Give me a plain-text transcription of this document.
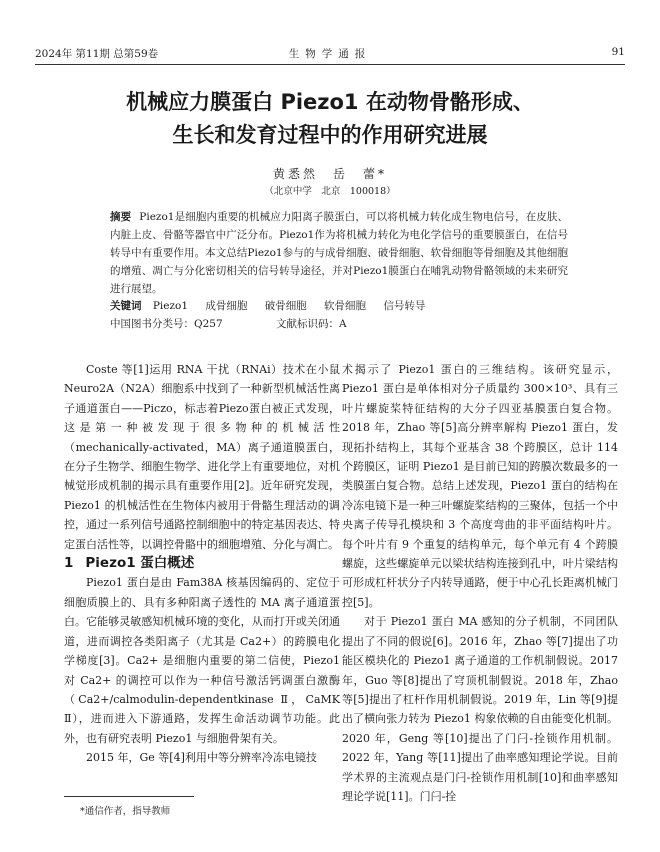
2024年 第11期 总第59卷	生物学通报	91
机械应力膜蛋白 Piezo1 在动物骨骼形成、
生长和发育过程中的作用研究进展
黄悉然　岳　蕾*
（北京中学　北京　100018）
摘要 Piezo1是细胞内重要的机械应力阳离子膜蛋白，可以将机械力转化成生物电信号，在皮肤、内脏上皮、骨骼等器官中广泛分布。Piezo1作为将机械力转化为电化学信号的重要膜蛋白，在信号转导中有重要作用。本文总结Piezo1参与的与成骨细胞、破骨细胞、软骨细胞等骨细胞及其他细胞的增殖、凋亡与分化密切相关的信号转导途径，并对Piezo1膜蛋白在哺乳动物骨骼领域的未来研究进行展望。
关键词 Piezo1 成骨细胞 破骨细胞 软骨细胞 信号转导
中国图书分类号：Q257	文献标识码：A

Coste 等[1]运用 RNA 干扰（RNAi）技术在小鼠 Neuro2A（N2A）细胞系中找到了一种新型机械活性离子通道蛋白——Piczo，标志着Piezo蛋白被正式发现，这是第一种被发现于很多物种的机械活性（mechanically-activated，MA）离子通道膜蛋白，在分子生物学、细胞生物学、进化学上有重要地位，对机械觉形成机制的揭示具有重要作用[2]。近年研究发现，Piezo1 的机械活性在生物体内被用于骨骼生理活动的调控，通过一系列信号通路控制细胞中的特定基因表达、特定蛋白活性等，以调控骨骼中的细胞增殖、分化与凋亡。

1 Piezo1 蛋白概述

Piezo1 蛋白是由 Fam38A 核基因编码的、定位于细胞质膜上的、具有多种阳离子透性的 MA 离子通道蛋白。它能够灵敏感知机械环境的变化，从而打开或关闭通道，进而调控各类阳离子（尤其是 Ca2+）的跨膜电化学梯度[3]。Ca2+ 是细胞内重要的第二信使，Piezo1 对 Ca2+ 的调控可以作为一种信号激活钙调蛋白激酶（Ca2+/calmodulin-dependentkinase Ⅱ，CaMK Ⅱ），进而进入下游通路，发挥生命活动调节功能。此外，也有研究表明 Piezo1 与细胞骨架有关。

2015 年，Ge 等[4]利用中等分辨率冷冻电镜技

术揭示了 Piezo1 蛋白的三维结构。该研究显示，Piezo1 蛋白是单体相对分子质量约 300×10³、具有三叶片螺旋桨特征结构的大分子四亚基膜蛋白复合物。2018 年，Zhao 等[5]高分辨率解构 Piezo1 蛋白，发现拓扑结构上，其每个亚基含 38 个跨膜区，总计 114 个跨膜区，证明 Piezo1 是目前已知的跨膜次数最多的一类膜蛋白复合物。总结上述发现，Piezo1 蛋白的结构在冷冻电镜下是一种三叶螺旋桨结构的三聚体，包括一个中央离子传导孔模块和 3 个高度弯曲的非平面结构叶片。每个叶片有 9 个重复的结构单元，每个单元有 4 个跨膜螺旋，这些螺旋单元以梁状结构连接到孔中，叶片梁结构可形成杠杆状分子内转导通路，便于中心孔长距离机械门控[5]。

对于 Piezo1 蛋白 MA 感知的分子机制，不同团队提出了不同的假说[6]。2016 年，Zhao 等[7]提出了功能区模块化的 Piezo1 离子通道的工作机制假说。2017 年，Guo 等[8]提出了穹顶机制假说。2018 年，Zhao 等[5]提出了杠杆作用机制假说。2019 年，Lin 等[9]提出了横向张力转为 Piezo1 构象依赖的自由能变化机制。2020 年，Geng 等[10]提出了门闩-拴锁作用机制。2022 年，Yang 等[11]提出了曲率感知理论学说。目前学术界的主流观点是门闩-拴锁作用机制[10]和曲率感知理论学说[11]。门闩-拴

*通信作者，指导教师
